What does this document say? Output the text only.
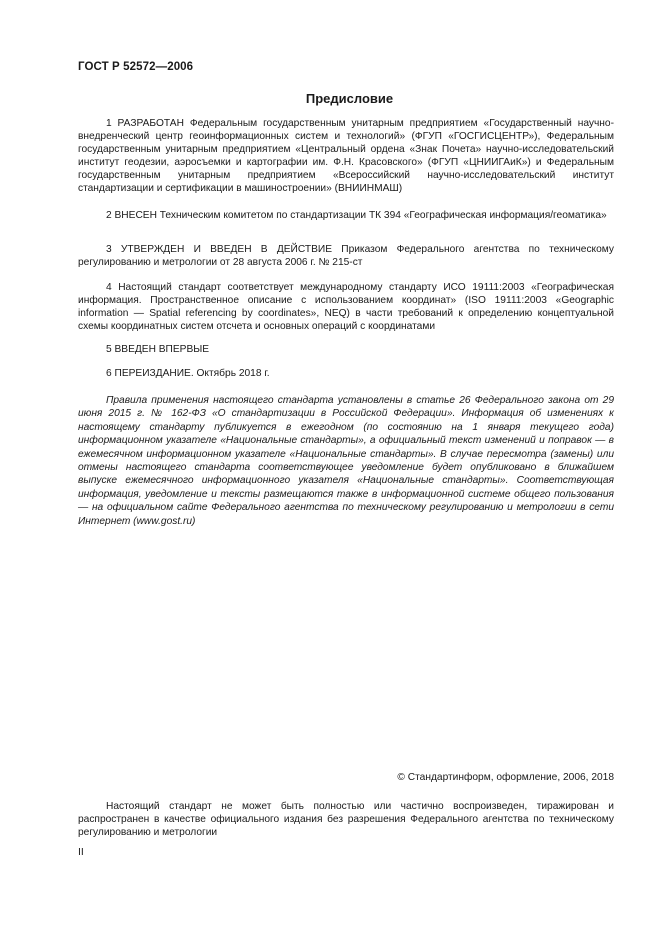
ГОСТ Р 52572—2006
Предисловие

1 РАЗРАБОТАН Федеральным государственным унитарным предприятием «Государственный научно-внедренческий центр геоинформационных систем и технологий» (ФГУП «ГОСГИСЦЕНТР»), Федеральным государственным унитарным предприятием «Центральный ордена «Знак Почета» научно-исследовательский институт геодезии, аэросъемки и картографии им. Ф.Н. Красовского» (ФГУП «ЦНИИГАиК») и Федеральным государственным унитарным предприятием «Всероссийский научно-исследовательский институт стандартизации и сертификации в машиностроении» (ВНИИНМАШ)

2 ВНЕСЕН Техническим комитетом по стандартизации ТК 394 «Географическая информация/геоматика»

3 УТВЕРЖДЕН И ВВЕДЕН В ДЕЙСТВИЕ Приказом Федерального агентства по техническому регулированию и метрологии от 28 августа 2006 г. № 215-ст

4 Настоящий стандарт соответствует международному стандарту ИСО 19111:2003 «Географическая информация. Пространственное описание с использованием координат» (ISO 19111:2003 «Geographic information — Spatial referencing by coordinates», NEQ) в части требований к определению концептуальной схемы координатных систем отсчета и основных операций с координатами

5 ВВЕДЕН ВПЕРВЫЕ

6 ПЕРЕИЗДАНИЕ. Октябрь 2018 г.

Правила применения настоящего стандарта установлены в статье 26 Федерального закона от 29 июня 2015 г. № 162-ФЗ «О стандартизации в Российской Федерации». Информация об изменениях к настоящему стандарту публикуется в ежегодном (по состоянию на 1 января текущего года) информационном указателе «Национальные стандарты», а официальный текст изменений и поправок — в ежемесячном информационном указателе «Национальные стандарты». В случае пересмотра (замены) или отмены настоящего стандарта соответствующее уведомление будет опубликовано в ближайшем выпуске ежемесячного информационного указателя «Национальные стандарты». Соответствующая информация, уведомление и тексты размещаются также в информационной системе общего пользования — на официальном сайте Федерального агентства по техническому регулированию и метрологии в сети Интернет (www.gost.ru)

© Стандартинформ, оформление, 2006, 2018

Настоящий стандарт не может быть полностью или частично воспроизведен, тиражирован и распространен в качестве официального издания без разрешения Федерального агентства по техническому регулированию и метрологии

II
